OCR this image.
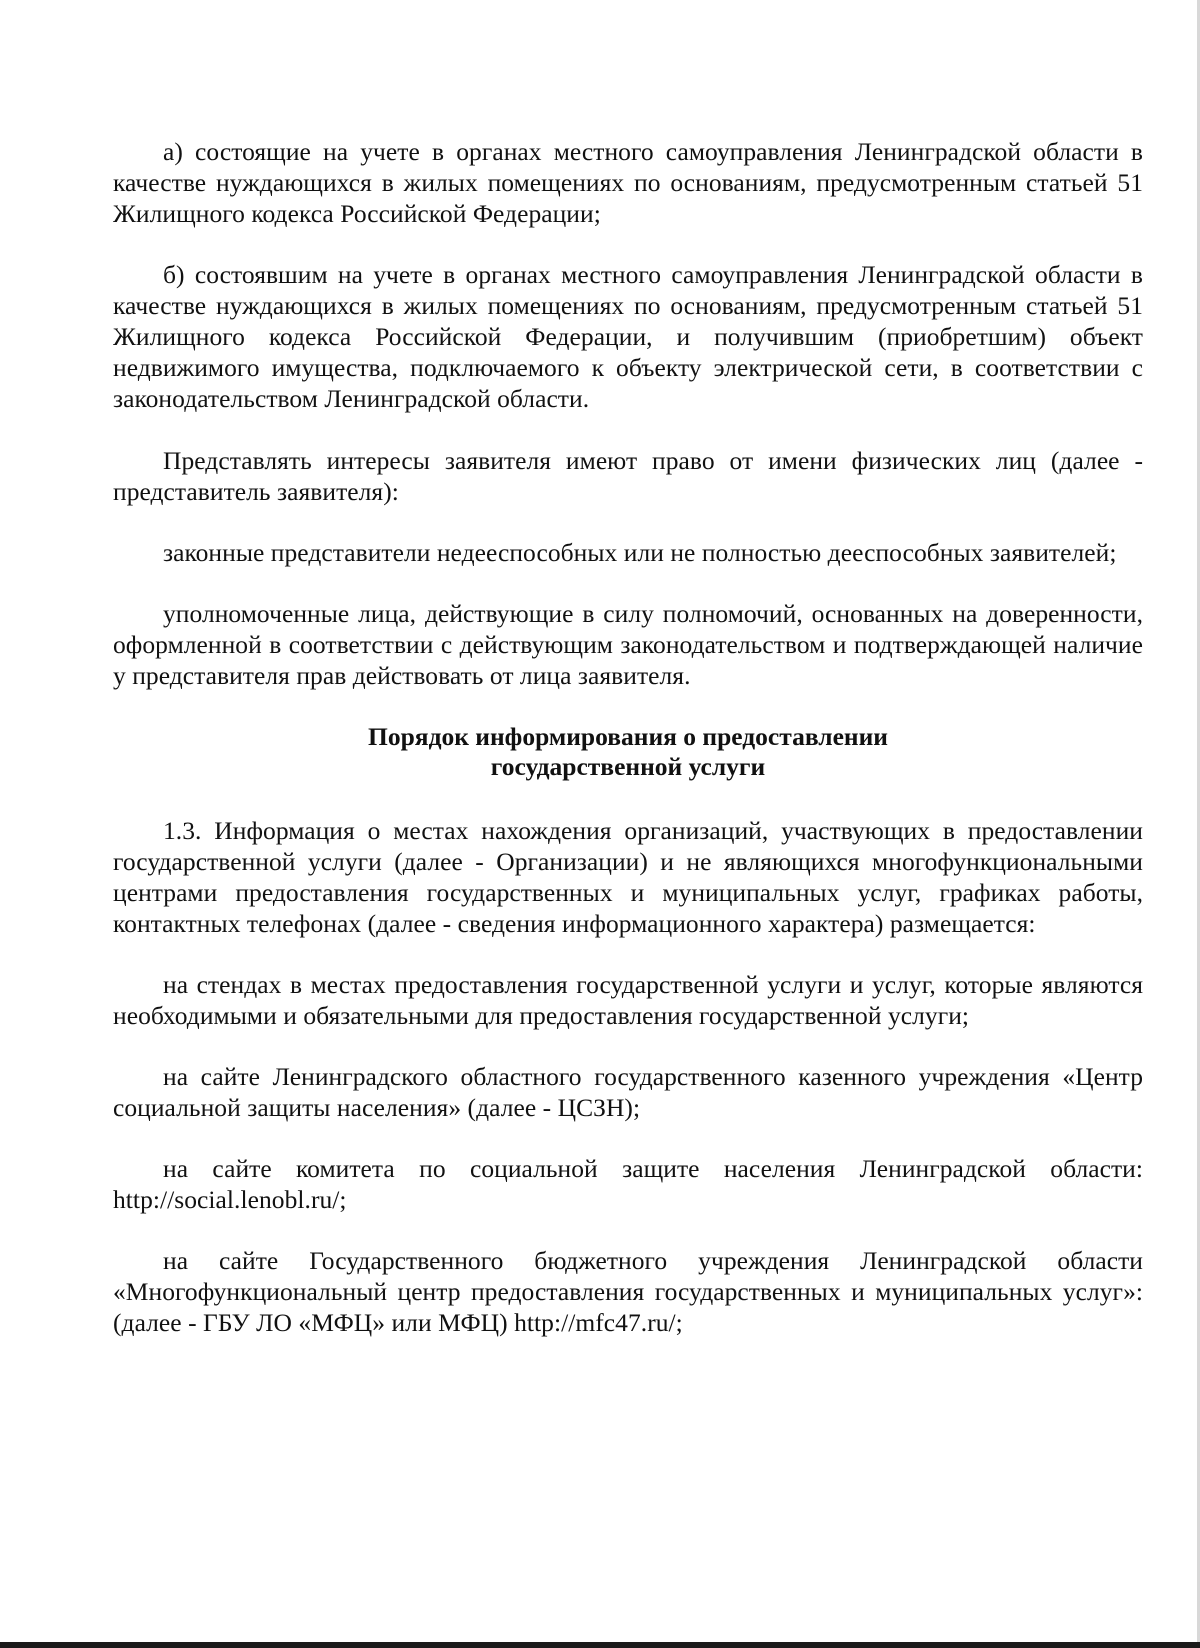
а) состоящие на учете в органах местного самоуправления Ленинградской области в качестве нуждающихся в жилых помещениях по основаниям, предусмотренным статьей 51 Жилищного кодекса Российской Федерации;

б) состоявшим на учете в органах местного самоуправления Ленинградской области в качестве нуждающихся в жилых помещениях по основаниям, предусмотренным статьей 51 Жилищного кодекса Российской Федерации, и получившим (приобретшим) объект недвижимого имущества, подключаемого к объекту электрической сети, в соответствии с законодательством Ленинградской области.

Представлять интересы заявителя имеют право от имени физических лиц (далее - представитель заявителя):

законные представители недееспособных или не полностью дееспособных заявителей;

уполномоченные лица, действующие в силу полномочий, основанных на доверенности, оформленной в соответствии с действующим законодательством и подтверждающей наличие у представителя прав действовать от лица заявителя.

Порядок информирования о предоставлении
государственной услуги

1.3. Информация о местах нахождения организаций, участвующих в предоставлении государственной услуги (далее - Организации) и не являющихся многофункциональными центрами предоставления государственных и муниципальных услуг, графиках работы, контактных телефонах (далее - сведения информационного характера) размещается:

на стендах в местах предоставления государственной услуги и услуг, которые являются необходимыми и обязательными для предоставления государственной услуги;

на сайте Ленинградского областного государственного казенного учреждения «Центр социальной защиты населения» (далее - ЦСЗН);

на сайте комитета по социальной защите населения Ленинградской области: http://social.lenobl.ru/;

на сайте Государственного бюджетного учреждения Ленинградской области «Многофункциональный центр предоставления государственных и муниципальных услуг»: (далее - ГБУ ЛО «МФЦ» или МФЦ) http://mfc47.ru/;
